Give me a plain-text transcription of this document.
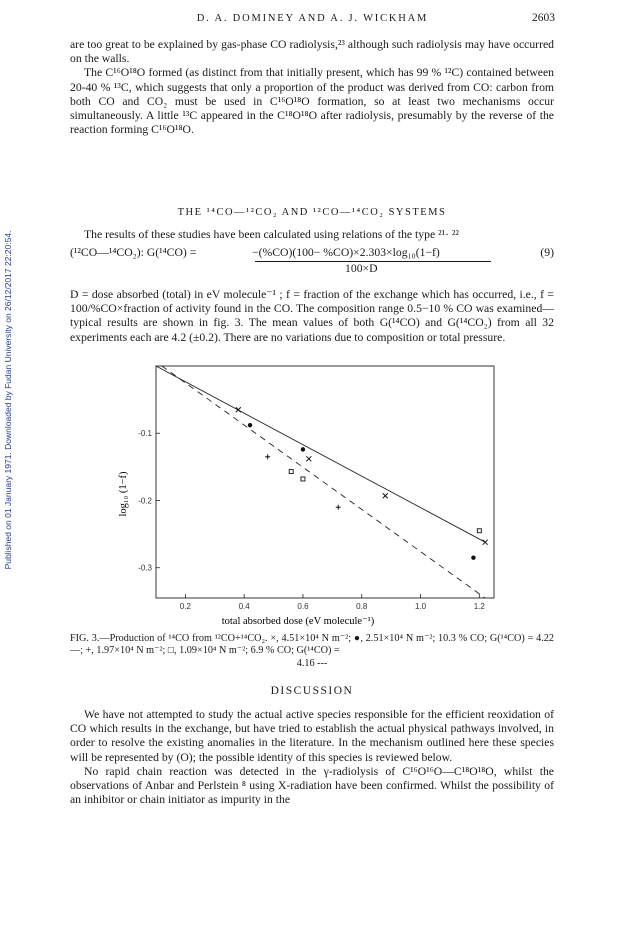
Published on 01 January 1971. Downloaded by Fudan University on 26/12/2017 22:20:54.
D. A. DOMINEY AND A. J. WICKHAM	2603

are too great to be explained by gas-phase CO radiolysis,²³ although such radiolysis may have occurred on the walls.

The C¹⁶O¹⁸O formed (as distinct from that initially present, which has 99 % ¹²C) contained between 20-40 % ¹³C, which suggests that only a proportion of the product was derived from CO: carbon from both CO and CO₂ must be used in C¹⁶O¹⁸O formation, so at least two mechanisms occur simultaneously. A little ¹³C appeared in the C¹⁸O¹⁸O after radiolysis, presumably by the reverse of the reaction forming C¹⁶O¹⁸O.

THE ¹⁴CO—¹²CO₂ AND ¹²CO—¹⁴CO₂ SYSTEMS

The results of these studies have been calculated using relations of the type ²¹· ²²

(¹²CO—¹⁴CO₂): G(¹⁴CO) =	−(%CO)(100− %CO)×2.303×log₁₀(1−f)
100×D
(9)

D = dose absorbed (total) in eV molecule⁻¹ ; f = fraction of the exchange which has occurred, i.e., f = 100/%CO×fraction of activity found in the CO. The composition range 0.5−10 % CO was examined—typical results are shown in fig. 3. The mean values of both G(¹⁴CO) and G(¹⁴CO₂) from all 32 experiments each are 4.2 (±0.2). There are no variations due to composition or total pressure.

0.2	0.4	0.6	0.8	1.0	1.2
-0.1
-0.2
-0.3
total absorbed dose (eV molecule⁻¹)
log₁₀ (1−f)
FIG. 3.—Production of ¹⁴CO from ¹²CO+¹⁴CO₂. ×, 4.51×10⁴ N m⁻²; ●, 2.51×10⁴ N m⁻²; 10.3 % CO; G(¹⁴CO) = 4.22—; +, 1.97×10⁴ N m⁻²; □, 1.09×10⁴ N m⁻²; 6.9 % CO; G(¹⁴CO) =
4.16 ---
DISCUSSION

We have not attempted to study the actual active species responsible for the efficient reoxidation of CO which results in the exchange, but have tried to establish the actual physical pathways involved, in order to resolve the existing anomalies in the literature. In the mechanism outlined here these species will be represented by (O); the possible identity of this species is reviewed below.

No rapid chain reaction was detected in the γ-radiolysis of C¹⁶O¹⁶O—C¹⁸O¹⁸O, whilst the observations of Anbar and Perlstein ⁸ using X-radiation have been confirmed. Whilst the possibility of an inhibitor or chain initiator as impurity in the
